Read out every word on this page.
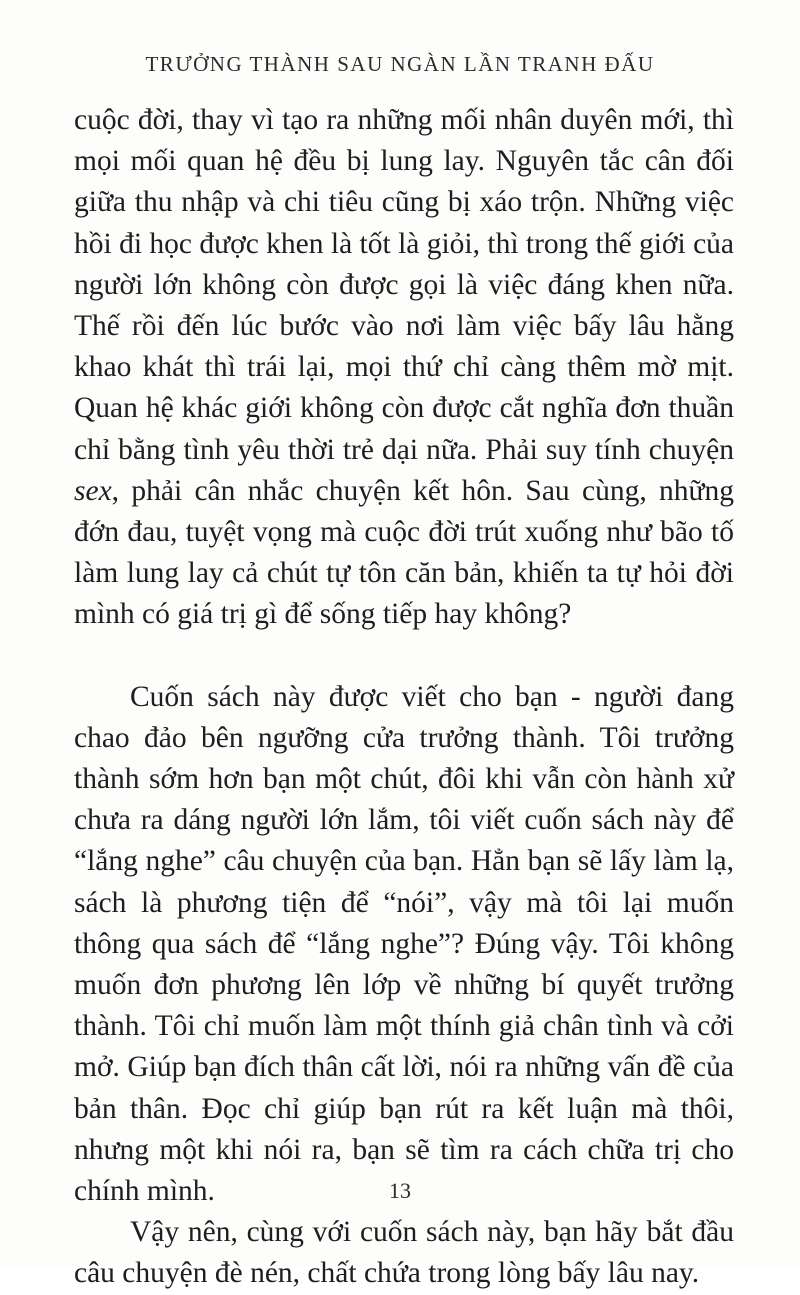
TRƯỞNG THÀNH SAU NGÀN LẦN TRANH ĐẤU

cuộc đời, thay vì tạo ra những mối nhân duyên mới, thì mọi mối quan hệ đều bị lung lay. Nguyên tắc cân đối giữa thu nhập và chi tiêu cũng bị xáo trộn. Những việc hồi đi học được khen là tốt là giỏi, thì trong thế giới của người lớn không còn được gọi là việc đáng khen nữa. Thế rồi đến lúc bước vào nơi làm việc bấy lâu hằng khao khát thì trái lại, mọi thứ chỉ càng thêm mờ mịt. Quan hệ khác giới không còn được cắt nghĩa đơn thuần chỉ bằng tình yêu thời trẻ dại nữa. Phải suy tính chuyện sex, phải cân nhắc chuyện kết hôn. Sau cùng, những đớn đau, tuyệt vọng mà cuộc đời trút xuống như bão tố làm lung lay cả chút tự tôn căn bản, khiến ta tự hỏi đời mình có giá trị gì để sống tiếp hay không?

Cuốn sách này được viết cho bạn - người đang chao đảo bên ngưỡng cửa trưởng thành. Tôi trưởng thành sớm hơn bạn một chút, đôi khi vẫn còn hành xử chưa ra dáng người lớn lắm, tôi viết cuốn sách này để “lắng nghe” câu chuyện của bạn. Hẳn bạn sẽ lấy làm lạ, sách là phương tiện để “nói”, vậy mà tôi lại muốn thông qua sách để “lắng nghe”? Đúng vậy. Tôi không muốn đơn phương lên lớp về những bí quyết trưởng thành. Tôi chỉ muốn làm một thính giả chân tình và cởi mở. Giúp bạn đích thân cất lời, nói ra những vấn đề của bản thân. Đọc chỉ giúp bạn rút ra kết luận mà thôi, nhưng một khi nói ra, bạn sẽ tìm ra cách chữa trị cho chính mình.

Vậy nên, cùng với cuốn sách này, bạn hãy bắt đầu câu chuyện đè nén, chất chứa trong lòng bấy lâu nay.

13
